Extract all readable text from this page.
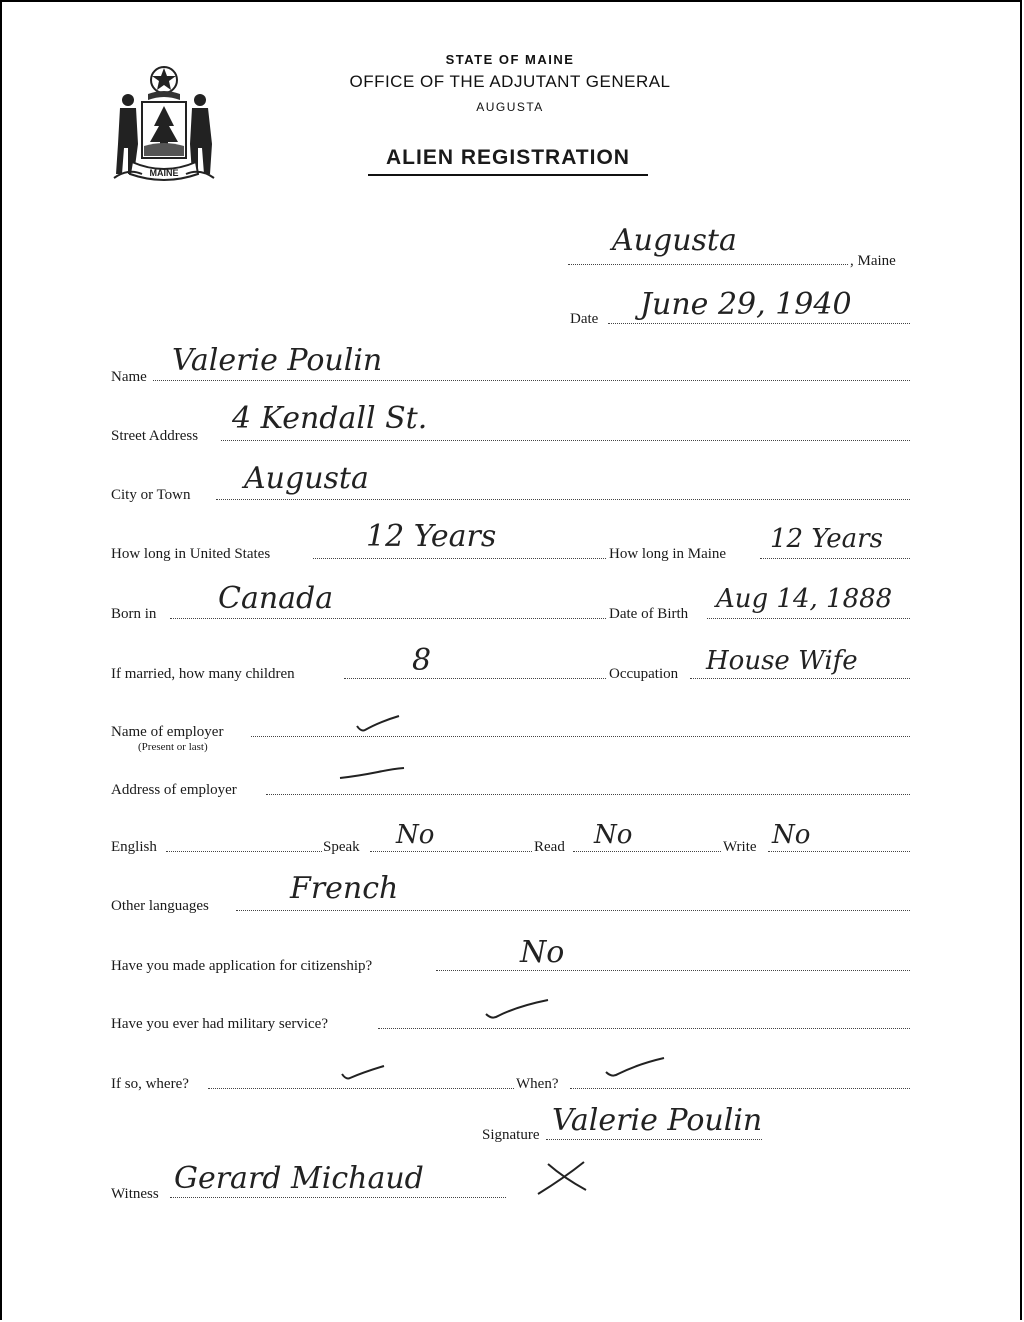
MAINE
STATE OF MAINE
OFFICE OF THE ADJUTANT GENERAL
AUGUSTA
ALIEN REGISTRATION
Augusta
, Maine
Date June 29, 1940
Name Valerie Poulin
Street Address 4 Kendall St.
City or Town Augusta
How long in United States	12 Years	How long in Maine 12 Years
Born in Canada	Date of Birth Aug 14, 1888
If married, how many children	8	Occupation House Wife
Name of employer
(Present or last)
Address of employer
English	Speak No	Read No	Write No
Other languages	French
Have you made application for citizenship?	No
Have you ever had military service?
If so, where?	When?
Signature Valerie Poulin
Witness Gerard Michaud
